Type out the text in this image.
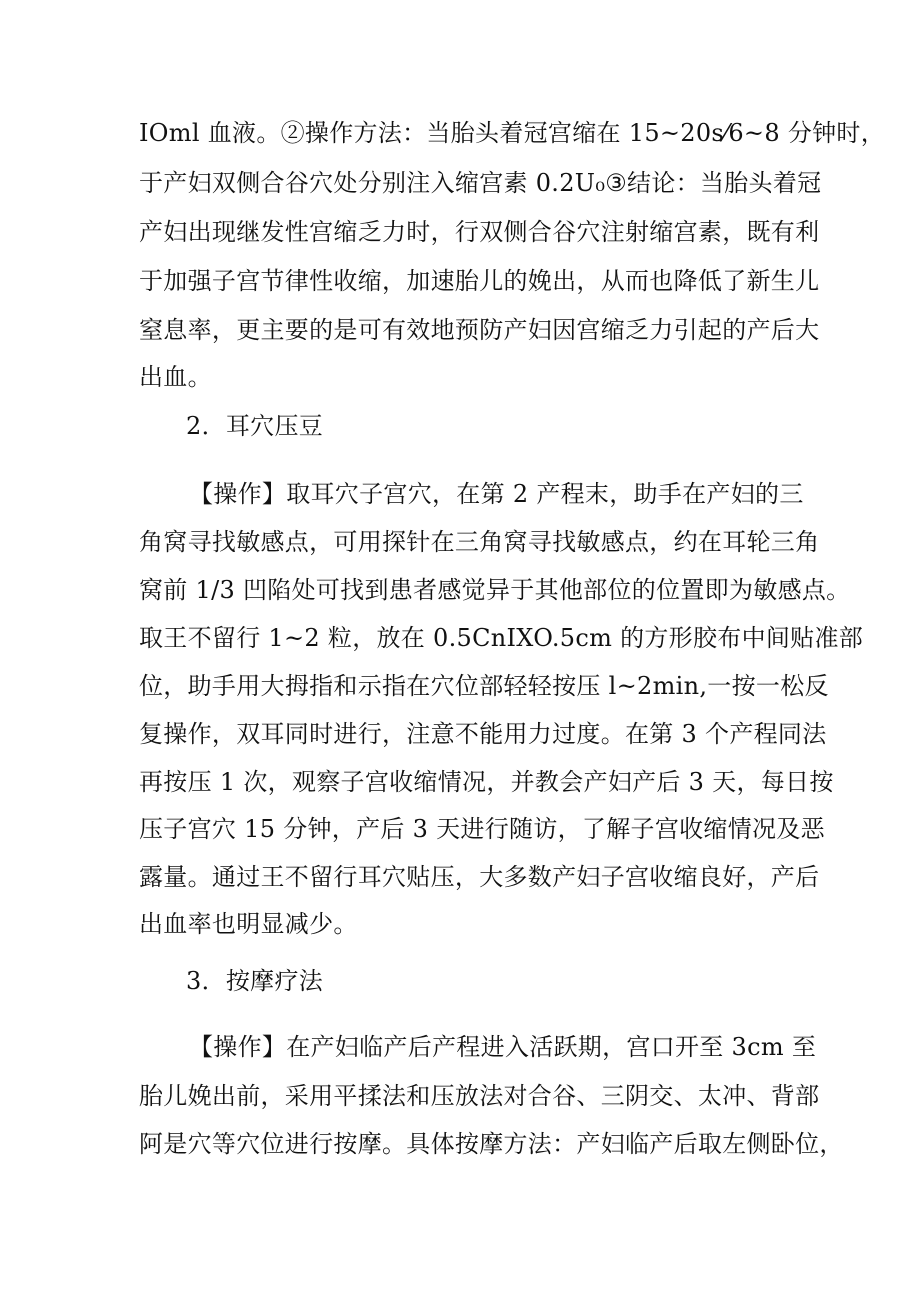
IOml 血液。②操作方法：当胎头着冠宫缩在 15~20s⁄6~8 分钟时，
于产妇双侧合谷穴处分别注入缩宫素 0.2U₀③结论：当胎头着冠
产妇出现继发性宫缩乏力时，行双侧合谷穴注射缩宫素，既有利
于加强子宫节律性收缩，加速胎儿的娩出，从而也降低了新生儿
窒息率，更主要的是可有效地预防产妇因宫缩乏力引起的产后大
出血。
2．耳穴压豆
【操作】取耳穴子宫穴，在第 2 产程末，助手在产妇的三
角窝寻找敏感点，可用探针在三角窝寻找敏感点，约在耳轮三角
窝前 1/3 凹陷处可找到患者感觉异于其他部位的位置即为敏感点。
取王不留行 1~2 粒，放在 0.5CnIXO.5cm 的方形胶布中间贴准部
位，助手用大拇指和示指在穴位部轻轻按压 l~2min,一按一松反
复操作，双耳同时进行，注意不能用力过度。在第 3 个产程同法
再按压 1 次，观察子宫收缩情况，并教会产妇产后 3 天，每日按
压子宫穴 15 分钟，产后 3 天进行随访，了解子宫收缩情况及恶
露量。通过王不留行耳穴贴压，大多数产妇子宫收缩良好，产后
出血率也明显减少。
3．按摩疗法
【操作】在产妇临产后产程进入活跃期，宫口开至 3cm 至
胎儿娩出前，采用平揉法和压放法对合谷、三阴交、太冲、背部
阿是穴等穴位进行按摩。具体按摩方法：产妇临产后取左侧卧位，
